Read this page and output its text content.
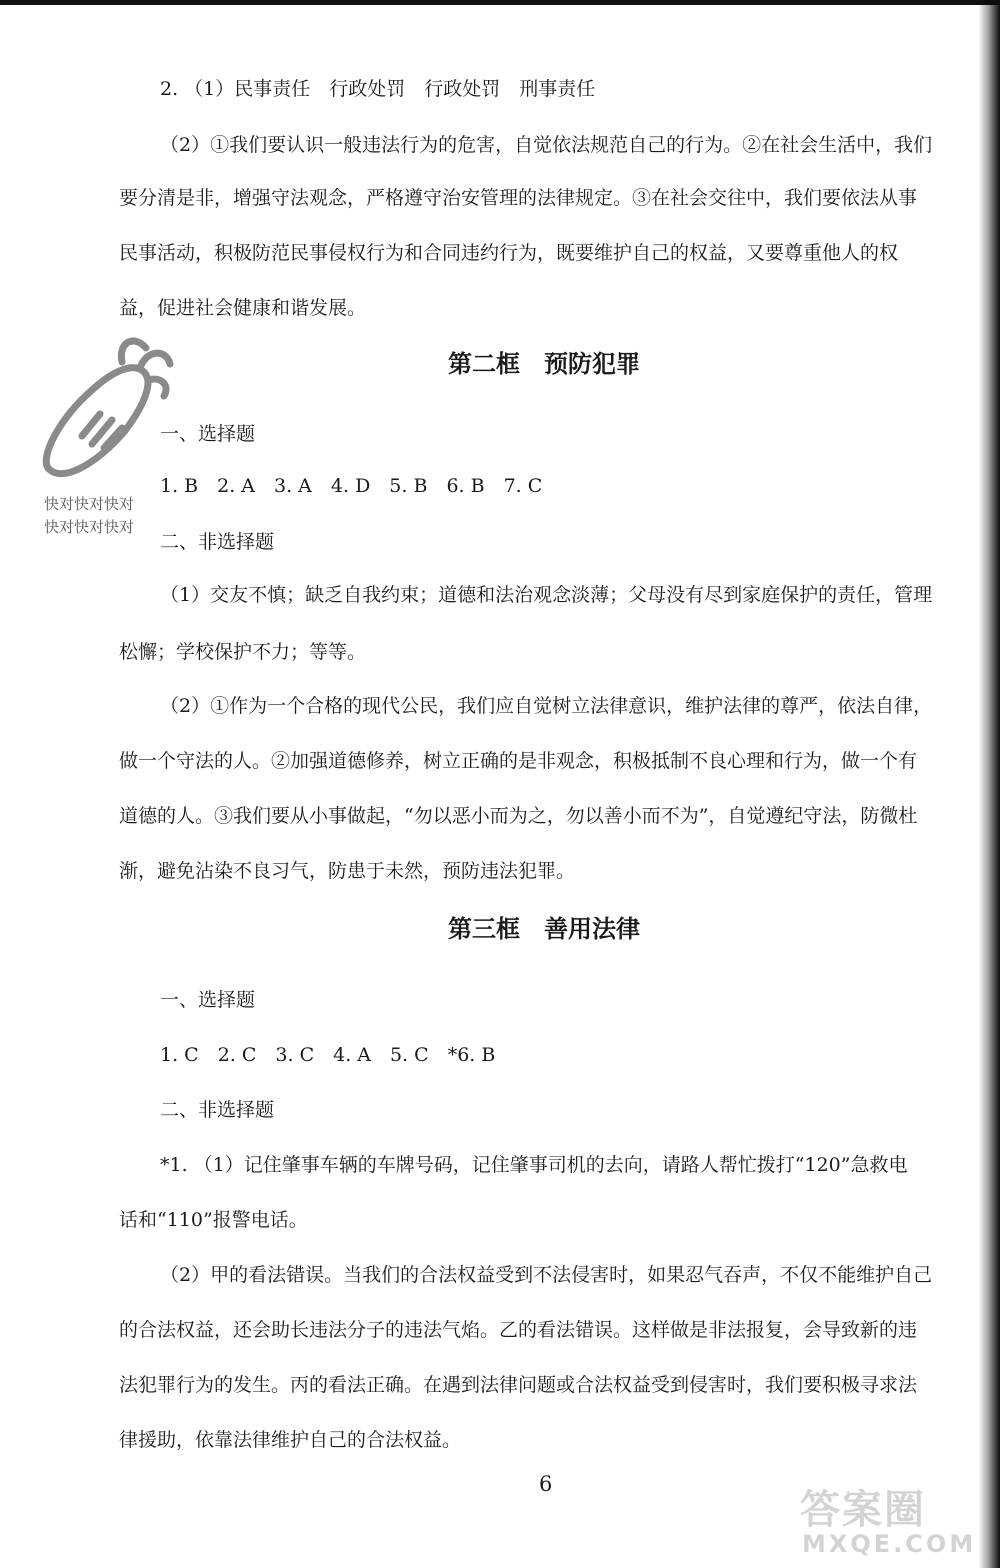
2. （1）民事责任　行政处罚　行政处罚　刑事责任
（2）①我们要认识一般违法行为的危害，自觉依法规范自己的行为。②在社会生活中，我们
要分清是非，增强守法观念，严格遵守治安管理的法律规定。③在社会交往中，我们要依法从事
民事活动，积极防范民事侵权行为和合同违约行为，既要维护自己的权益，又要尊重他人的权
益，促进社会健康和谐发展。
第二框　预防犯罪
一、选择题
1. B　2. A　3. A　4. D　5. B　6. B　7. C
二、非选择题
（1）交友不慎；缺乏自我约束；道德和法治观念淡薄；父母没有尽到家庭保护的责任，管理
松懈；学校保护不力；等等。
（2）①作为一个合格的现代公民，我们应自觉树立法律意识，维护法律的尊严，依法自律，
做一个守法的人。②加强道德修养，树立正确的是非观念，积极抵制不良心理和行为，做一个有
道德的人。③我们要从小事做起，“勿以恶小而为之，勿以善小而不为”，自觉遵纪守法，防微杜
渐，避免沾染不良习气，防患于未然，预防违法犯罪。
第三框　善用法律
一、选择题
1. C　2. C　3. C　4. A　5. C　*6. B
二、非选择题
*1. （1）记住肇事车辆的车牌号码，记住肇事司机的去向，请路人帮忙拨打“120”急救电
话和“110”报警电话。
（2）甲的看法错误。当我们的合法权益受到不法侵害时，如果忍气吞声，不仅不能维护自己
的合法权益，还会助长违法分子的违法气焰。乙的看法错误。这样做是非法报复，会导致新的违
法犯罪行为的发生。丙的看法正确。在遇到法律问题或合法权益受到侵害时，我们要积极寻求法
律援助，依靠法律维护自己的合法权益。
6
快对快对快对
快对快对快对
答案圈
MXQE.COM
